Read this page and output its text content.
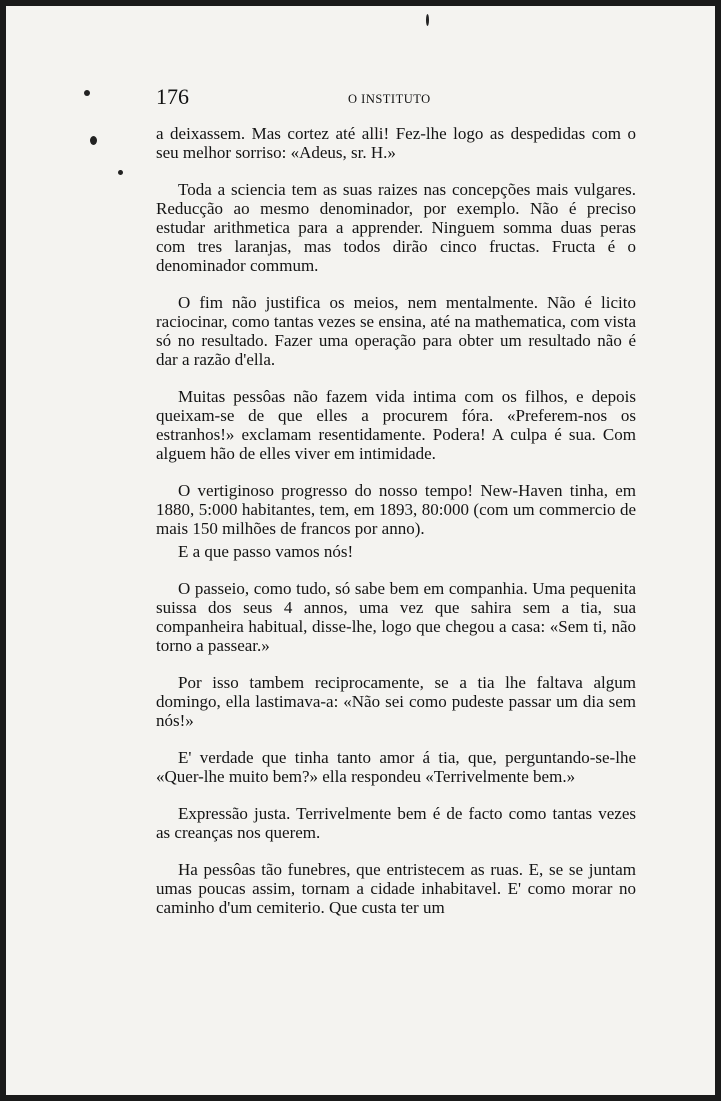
176	O INSTITUTO

a deixassem. Mas cortez até alli! Fez-lhe logo as despedidas com o seu melhor sorriso: «Adeus, sr. H.»

Toda a sciencia tem as suas raizes nas concepções mais vulgares. Reducção ao mesmo denominador, por exemplo. Não é preciso estudar arithmetica para a apprender. Ninguem somma duas peras com tres laranjas, mas todos dirão cinco fructas. Fructa é o denominador commum.

O fim não justifica os meios, nem mentalmente. Não é licito raciocinar, como tantas vezes se ensina, até na mathematica, com vista só no resultado. Fazer uma operação para obter um resultado não é dar a razão d'ella.

Muitas pessôas não fazem vida intima com os filhos, e depois queixam-se de que elles a procurem fóra. «Preferem-nos os estranhos!» exclamam resentidamente. Podera! A culpa é sua. Com alguem hão de elles viver em intimidade.

O vertiginoso progresso do nosso tempo! New-Haven tinha, em 1880, 5:000 habitantes, tem, em 1893, 80:000 (com um commercio de mais 150 milhões de francos por anno).

E a que passo vamos nós!

O passeio, como tudo, só sabe bem em companhia. Uma pequenita suissa dos seus 4 annos, uma vez que sahira sem a tia, sua companheira habitual, disse-lhe, logo que chegou a casa: «Sem ti, não torno a passear.»

Por isso tambem reciprocamente, se a tia lhe faltava algum domingo, ella lastimava-a: «Não sei como pudeste passar um dia sem nós!»

E' verdade que tinha tanto amor á tia, que, perguntando-se-lhe «Quer-lhe muito bem?» ella respondeu «Terrivelmente bem.»

Expressão justa. Terrivelmente bem é de facto como tantas vezes as creanças nos querem.

Ha pessôas tão funebres, que entristecem as ruas. E, se se juntam umas poucas assim, tornam a cidade inhabitavel. E' como morar no caminho d'um cemiterio. Que custa ter um
